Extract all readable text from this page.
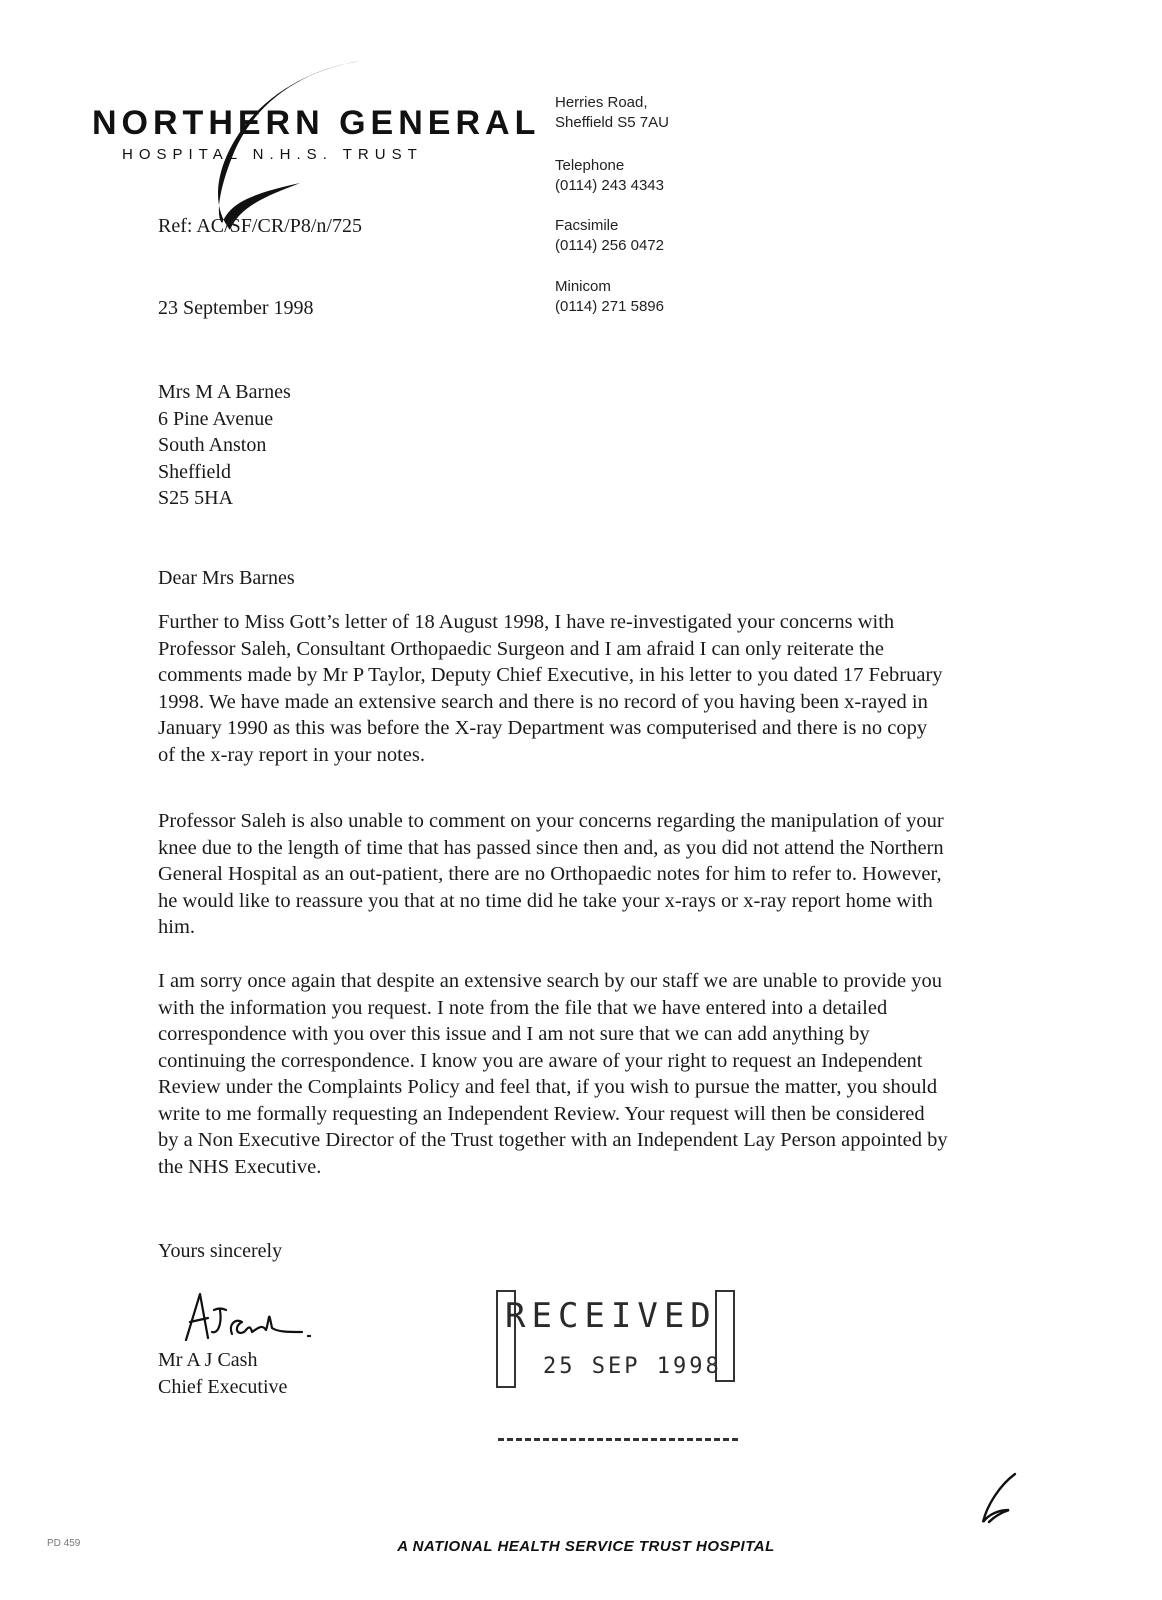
NORTHERN GENERAL
HOSPITAL N.H.S. TRUST
Herries Road,
Sheffield S5 7AU
Telephone
(0114) 243 4343
Facsimile
(0114) 256 0472
Minicom
(0114) 271 5896
Ref: AC/SF/CR/P8/n/725
23 September 1998
Mrs M A Barnes
6 Pine Avenue
South Anston
Sheffield
S25 5HA
Dear Mrs Barnes
Further to Miss Gott’s letter of 18 August 1998, I have re-investigated your concerns with Professor Saleh, Consultant Orthopaedic Surgeon and I am afraid I can only reiterate the comments made by Mr P Taylor, Deputy Chief Executive, in his letter to you dated 17 February 1998. We have made an extensive search and there is no record of you having been x-rayed in January 1990 as this was before the X-ray Department was computerised and there is no copy of the x-ray report in your notes.
Professor Saleh is also unable to comment on your concerns regarding the manipulation of your knee due to the length of time that has passed since then and, as you did not attend the Northern General Hospital as an out-patient, there are no Orthopaedic notes for him to refer to. However, he would like to reassure you that at no time did he take your x-rays or x-ray report home with him.
I am sorry once again that despite an extensive search by our staff we are unable to provide you with the information you request. I note from the file that we have entered into a detailed correspondence with you over this issue and I am not sure that we can add anything by continuing the correspondence. I know you are aware of your right to request an Independent Review under the Complaints Policy and feel that, if you wish to pursue the matter, you should write to me formally requesting an Independent Review. Your request will then be considered by a Non Executive Director of the Trust together with an Independent Lay Person appointed by the NHS Executive.
Yours sincerely
Mr A J Cash
Chief Executive
RECEIVED
25 SEP 1998
PD 459	A NATIONAL HEALTH SERVICE TRUST HOSPITAL
